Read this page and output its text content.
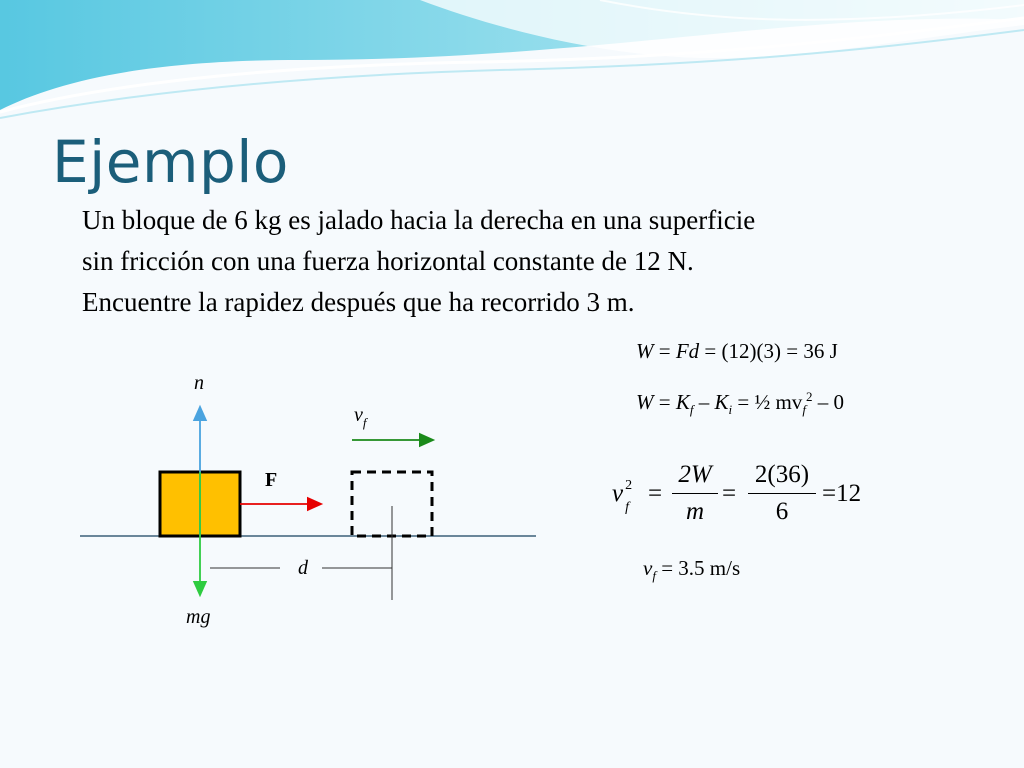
Ejemplo
Un bloque de 6 kg es jalado hacia la derecha en una superficie
sin fricción con una fuerza horizontal constante de 12 N.
Encuentre la rapidez después que ha recorrido 3 m.
n
mg
F
$v_f$
d
W = Fd = (12)(3) = 36 J
$W = K_f - K_i$ = ½ $mv_f^2 - 0$
v 2
f
=
2W
m
=
2(36)
6
=12
$v_f = 3.5$ m/s
